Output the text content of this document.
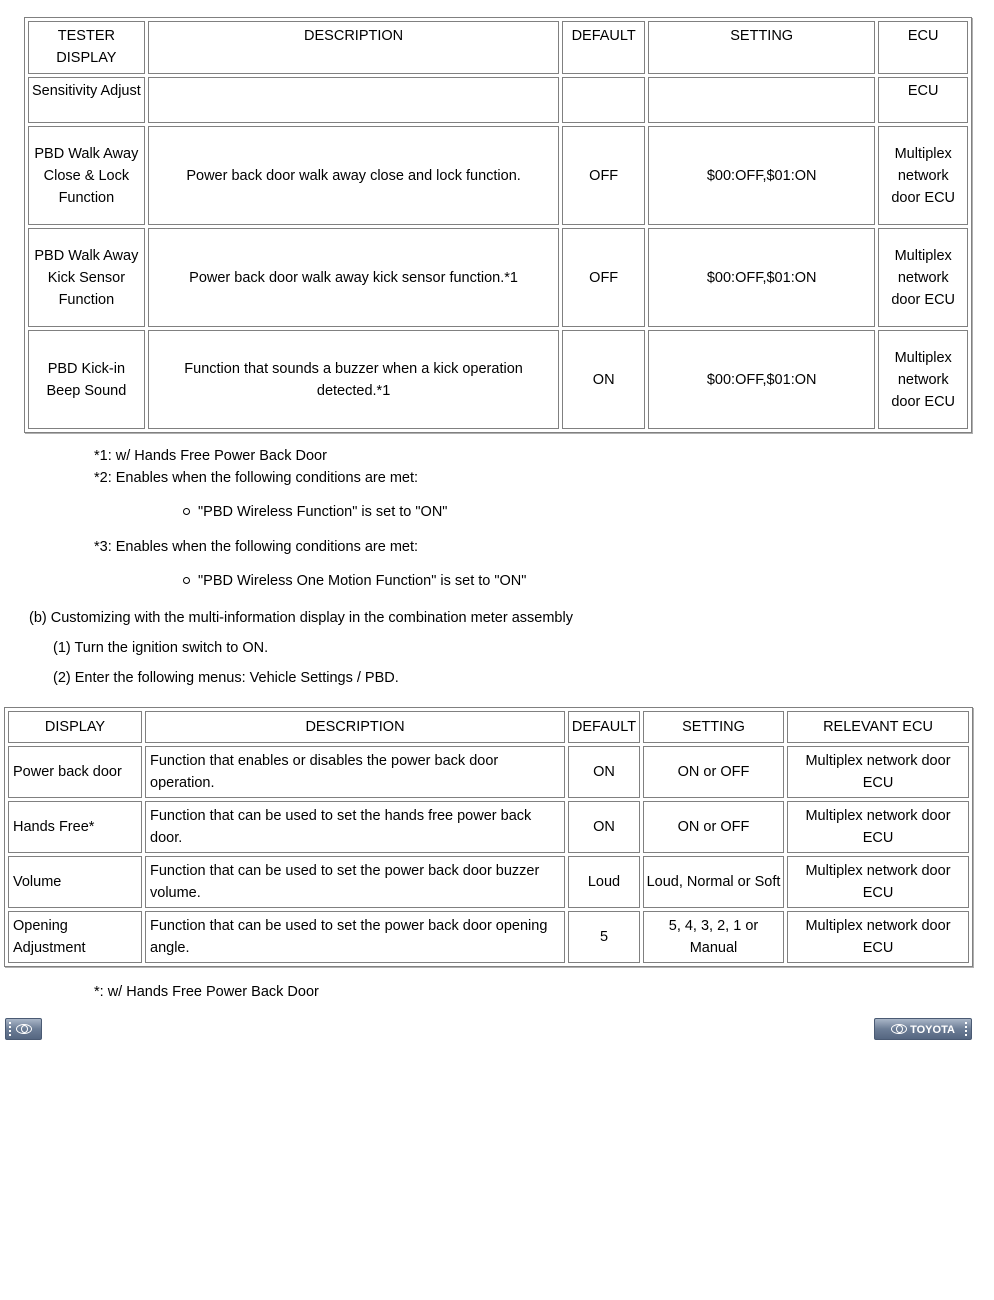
TESTER DISPLAY	DESCRIPTION	DEFAULT	SETTING	ECU
Sensitivity Adjust				ECU
PBD Walk Away Close & Lock Function	Power back door walk away close and lock function.	OFF	$00:OFF,$01:ON	Multiplex network door ECU
PBD Walk Away Kick Sensor Function	Power back door walk away kick sensor function.*1	OFF	$00:OFF,$01:ON	Multiplex network door ECU
PBD Kick-in Beep Sound	Function that sounds a buzzer when a kick operation detected.*1	ON	$00:OFF,$01:ON	Multiplex network door ECU
*1: w/ Hands Free Power Back Door
*2: Enables when the following conditions are met:
"PBD Wireless Function" is set to "ON"
*3: Enables when the following conditions are met:
"PBD Wireless One Motion Function" is set to "ON"
(b) Customizing with the multi-information display in the combination meter assembly
(1) Turn the ignition switch to ON.
(2) Enter the following menus: Vehicle Settings / PBD.
DISPLAY	DESCRIPTION	DEFAULT	SETTING	RELEVANT ECU
Power back door	Function that enables or disables the power back door operation.	ON	ON or OFF	Multiplex network door ECU
Hands Free*	Function that can be used to set the hands free power back door.	ON	ON or OFF	Multiplex network door ECU
Volume	Function that can be used to set the power back door buzzer volume.	Loud	Loud, Normal or Soft	Multiplex network door ECU
Opening Adjustment	Function that can be used to set the power back door opening angle.	5	5, 4, 3, 2, 1 or Manual	Multiplex network door ECU
*: w/ Hands Free Power Back Door
TOYOTA
